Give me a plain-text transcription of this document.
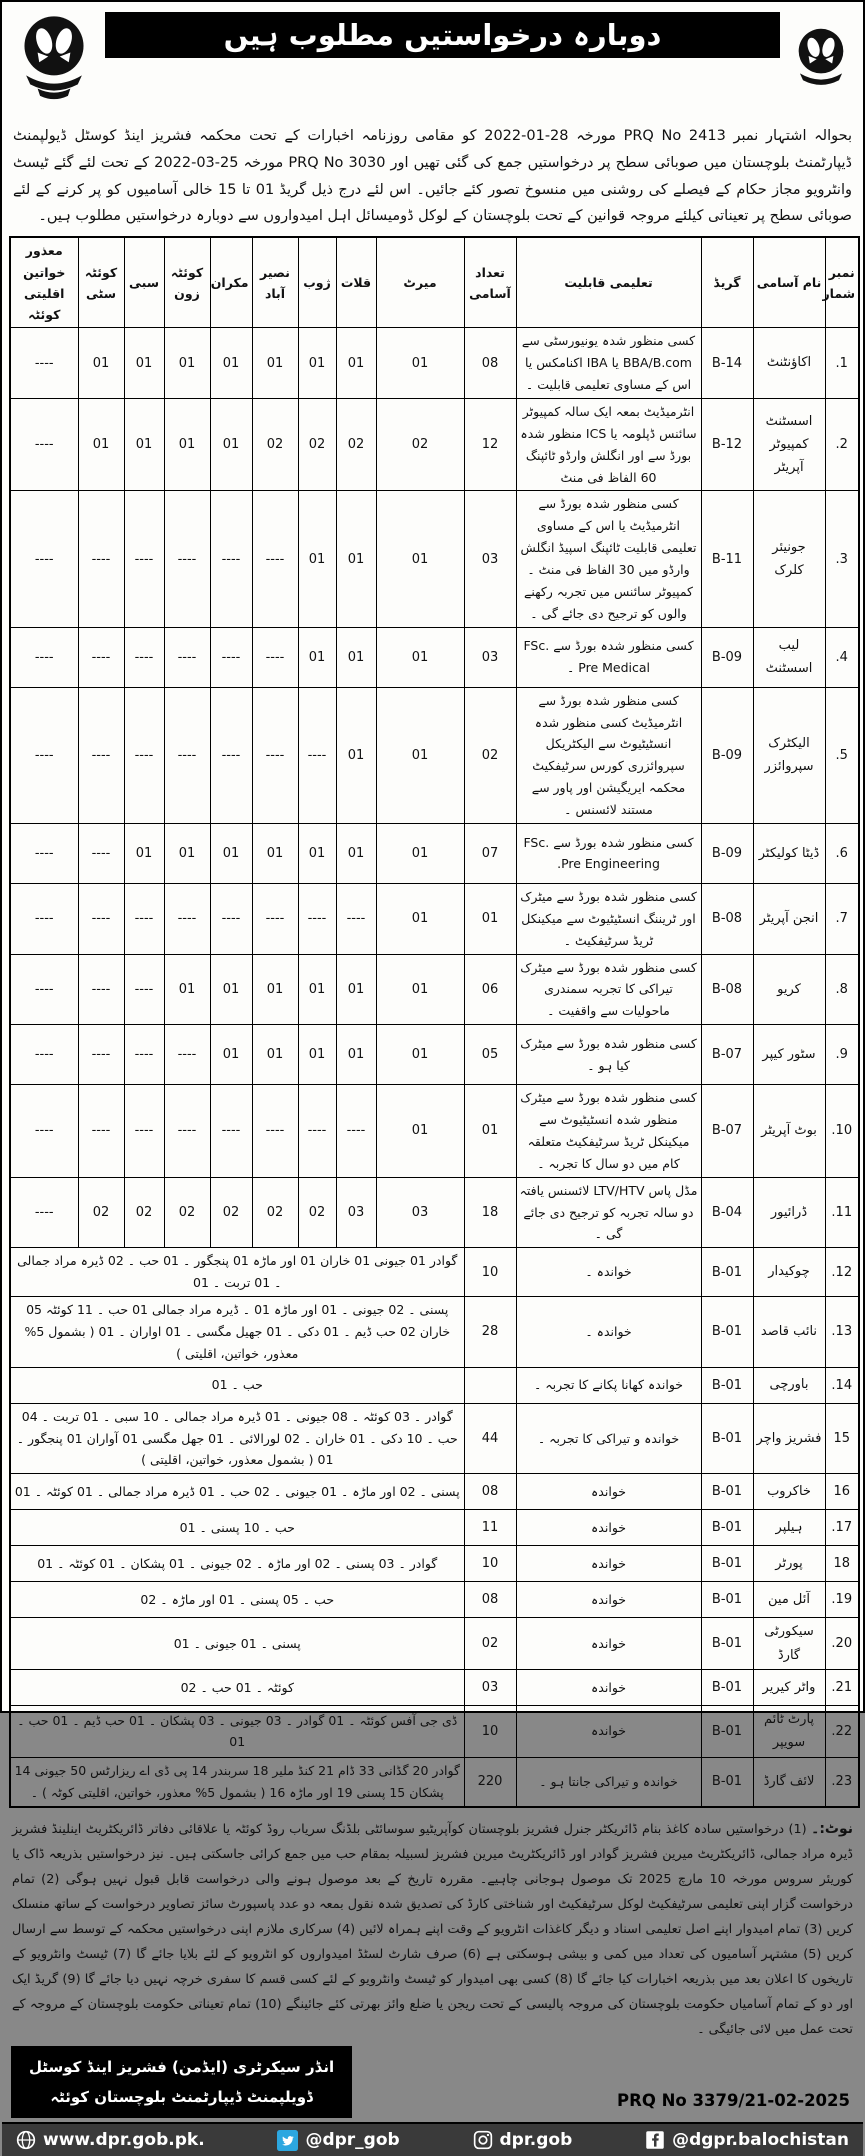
دوبارہ درخواستیں مطلوب ہیں

بحوالہ اشتہار نمبر PRQ No 2413 مورخہ 28-01-2022 کو مقامی روزنامہ اخبارات کے تحت محکمہ فشریز اینڈ کوسٹل ڈیولپمنٹ ڈیپارٹمنٹ بلوچستان میں صوبائی سطح پر درخواستیں جمع کی گئی تھیں اور PRQ No 3030 مورخہ 25-03-2022 کے تحت لئے گئے ٹیسٹ وانٹرویو مجاز حکام کے فیصلے کی روشنی میں منسوخ تصور کئے جائیں۔ اس لئے درج ذیل گریڈ 01 تا 15 خالی آسامیوں کو پر کرنے کے لئے صوبائی سطح پر تعیناتی کیلئے مروجہ قوانین کے تحت بلوچستان کے لوکل ڈومیسائل اہل امیدواروں سے دوبارہ درخواستیں مطلوب ہیں۔

نمبر شمار	نام آسامی	گریڈ	تعلیمی قابلیت	تعداد آسامی	میرٹ	قلات	ژوب	نصیر آباد	مکران	کوئٹہ زون	سبی	کوئٹہ سٹی	معذور خواتین اقلیتی کوئٹہ
1.	اکاؤنٹنٹ	B-14	کسی منظور شدہ یونیورسٹی سے BBA/B.com یا IBA اکنامکس یا اس کے مساوی تعلیمی قابلیت ۔	08	01	01	01	01	01	01	01	01	----
2.	اسسٹنٹ کمپیوٹر آپریٹر	B-12	انٹرمیڈیٹ بمعہ ایک سالہ کمپیوٹر سائنس ڈپلومہ یا ICS منظور شدہ بورڈ سے اور انگلش وارڈو ٹائپنگ 60 الفاظ فی منٹ	12	02	02	02	02	01	01	01	01	----
3.	جونیئر کلرک	B-11	کسی منظور شدہ بورڈ سے انٹرمیڈیٹ یا اس کے مساوی تعلیمی قابلیت ٹائپنگ اسپیڈ انگلش وارڈو میں 30 الفاظ فی منٹ ۔ کمپیوٹر سائنس میں تجربہ رکھنے والوں کو ترجیح دی جائے گی ۔	03	01	01	01	----	----	----	----	----	----
4.	لیب اسسٹنٹ	B-09	کسی منظور شدہ بورڈ سے FSc. Pre Medical ۔	03	01	01	01	----	----	----	----	----	----
5.	الیکٹرک سپروائزر	B-09	کسی منظور شدہ بورڈ سے انٹرمیڈیٹ کسی منظور شدہ انسٹیٹیوٹ سے الیکٹریکل سپروائزری کورس سرٹیفکیٹ محکمہ ایریگیشن اور پاور سے مستند لائسنس ۔	02	01	01	----	----	----	----	----	----	----
6.	ڈیٹا کولیکٹر	B-09	کسی منظور شدہ بورڈ سے FSc. Pre Engineering.	07	01	01	01	01	01	01	01	----	----
7.	انجن آپریٹر	B-08	کسی منظور شدہ بورڈ سے میٹرک اور ٹریننگ انسٹیٹیوٹ سے میکینکل ٹریڈ سرٹیفکیٹ ۔	01	01	----	----	----	----	----	----	----	----
8.	کریو	B-08	کسی منظور شدہ بورڈ سے میٹرک تیراکی کا تجربہ سمندری ماحولیات سے واقفیت ۔	06	01	01	01	01	01	01	----	----	----
9.	سٹور کیپر	B-07	کسی منظور شدہ بورڈ سے میٹرک کیا ہو ۔	05	01	01	01	01	01	----	----	----	----
10.	بوٹ آپریٹر	B-07	کسی منظور شدہ بورڈ سے میٹرک منظور شدہ انسٹیٹیوٹ سے میکینکل ٹریڈ سرٹیفکیٹ متعلقہ کام میں دو سال کا تجربہ ۔	01	01	----	----	----	----	----	----	----	----
11.	ڈرائیور	B-04	مڈل پاس LTV/HTV لائسنس یافتہ دو سالہ تجربہ کو ترجیح دی جائے گی ۔	18	03	03	02	02	02	02	02	02	----
12.	چوکیدار	B-01	خواندہ ۔	10	گوادر 01 جیونی 01 خاران 01 اور ماڑہ 01 پنجگور ۔ 01 حب ۔ 02 ڈیرہ مراد جمالی ۔ 01 تربت ۔ 01								
13.	نائب قاصد	B-01	خواندہ ۔	28	پسنی ۔ 02 جیونی ۔ 01 اور ماڑہ 01 ۔ ڈیرہ مراد جمالی 01 حب ۔ 11 کوئٹہ 05 خاران 02 حب ڈیم ۔ 01 دکی ۔ 01 جھیل مگسی ۔ 01 اواران ۔ 01 ( بشمول 5% معذور، خواتین، اقلیتی )								
14.	باورچی	B-01	خواندہ کھانا پکانے کا تجربہ ۔		حب ۔ 01								
15	فشریز واچر	B-01	خواندہ و تیراکی کا تجربہ ۔	44	گوادر ۔ 03 کوئٹہ ۔ 08 جیونی ۔ 01 ڈیرہ مراد جمالی ۔ 10 سبی ۔ 01 تربت ۔ 04 حب ۔ 10 دکی ۔ 01 خاران ۔ 02 لورالائی ۔ 01 جھل مگسی 01 آواران 01 پنجگور ۔ 01 ( بشمول معذور، خواتین، اقلیتی )								
16	خاکروب	B-01	خواندہ	08	پسنی ۔ 02 اور ماڑہ ۔ 01 جیونی ۔ 02 حب ۔ 01 ڈیرہ مراد جمالی ۔ 01 کوئٹہ ۔ 01								
17.	ہیلپر	B-01	خواندہ	11	حب ۔ 10 پسنی ۔ 01								
18	پورٹر	B-01	خواندہ	10	گوادر ۔ 03 پسنی ۔ 02 اور ماڑہ ۔ 02 جیونی ۔ 01 پشکان ۔ 01 کوئٹہ ۔ 01								
19.	آئل مین	B-01	خواندہ	08	حب ۔ 05 پسنی ۔ 01 اور ماڑہ ۔ 02								
20.	سیکورٹی گارڈ	B-01	خواندہ	02	پسنی ۔ 01 جیونی ۔ 01								
21.	واٹر کیریر	B-01	خواندہ	03	کوئٹہ ۔ 01 حب ۔ 02								
22.	پارٹ ٹائم سویپر	B-01	خواندہ	10	ڈی جی آفس کوئٹہ ۔ 01 گوادر ۔ 03 جیونی ۔ 03 پشکان ۔ 01 حب ڈیم ۔ 01 حب ۔ 01								
23.	لائف گارڈ	B-01	خواندہ و تیراکی جانتا ہو ۔	220	گوادر 20 گڈانی 33 ڈام 21 کنڈ ملیر 18 سربندر 14 پی ڈی اے ریزارٹس 50 جیونی 14 پشکان 15 پسنی 19 اور ماڑہ 16 ( بشمول 5% معذور، خواتین، اقلیتی کوٹہ ) ۔								

نوٹ:۔ (1) درخواستیں سادہ کاغذ بنام ڈائریکٹر جنرل فشریز بلوچستان کوآپریٹیو سوسائٹی بلڈنگ سریاب روڈ کوئٹہ یا علاقائی دفاتر ڈائریکٹریٹ اینلینڈ فشریز ڈیرہ مراد جمالی، ڈائریکٹریٹ میرین فشریز گوادر اور ڈائریکٹریٹ میرین فشریز لسبیلہ بمقام حب میں جمع کرائی جاسکتی ہیں۔ نیز درخواستیں بذریعہ ڈاک یا کوریئر سروس مورخہ 10 مارچ 2025 تک موصول ہوجانی چاہیے۔ مقررہ تاریخ کے بعد موصول ہونے والی درخواست قابل قبول نہیں ہوگی (2) تمام درخواست گزار اپنی تعلیمی سرٹیفکیٹ لوکل سرٹیفکیٹ اور شناختی کارڈ کی تصدیق شدہ نقول بمعہ دو عدد پاسپورٹ سائز تصاویر درخواست کے ساتھ منسلک کریں (3) تمام امیدوار اپنے اصل تعلیمی اسناد و دیگر کاغذات انٹرویو کے وقت اپنے ہمراہ لائیں (4) سرکاری ملازم اپنی درخواستیں محکمہ کے توسط سے ارسال کریں (5) مشتہر آسامیوں کی تعداد میں کمی و بیشی ہوسکتی ہے (6) صرف شارٹ لسٹڈ امیدواروں کو انٹرویو کے لئے بلایا جائے گا (7) ٹیسٹ وانٹرویو کے تاریخوں کا اعلان بعد میں بذریعہ اخبارات کیا جائے گا (8) کسی بھی امیدوار کو ٹیسٹ وانٹرویو کے لئے کسی قسم کا سفری خرچہ نہیں دیا جائے گا (9) گریڈ ایک اور دو کے تمام آسامیاں حکومت بلوچستان کی مروجہ پالیسی کے تحت ریجن یا ضلع وائز بھرتی کئے جائینگے (10) تمام تعیناتی حکومت بلوچستان کے مروجہ کے تحت عمل میں لائی جائیگی ۔

انڈر سیکرٹری (ایڈمن) فشریز اینڈ کوسٹل
ڈویلپمنٹ ڈیپارٹمنٹ بلوچستان کوئٹہ	PRQ No 3379/21-02-2025
www.dpr.gob.pk.	@dpr_gob	dpr.gob	@dgpr.balochistan
